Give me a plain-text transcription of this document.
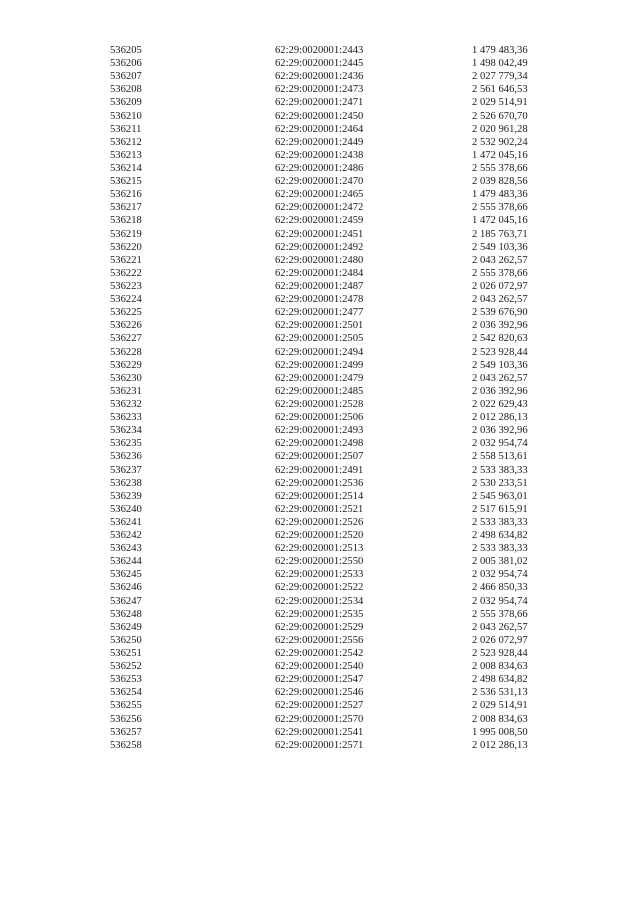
536205	62:29:0020001:2443	1 479 483,36
536206	62:29:0020001:2445	1 498 042,49
536207	62:29:0020001:2436	2 027 779,34
536208	62:29:0020001:2473	2 561 646,53
536209	62:29:0020001:2471	2 029 514,91
536210	62:29:0020001:2450	2 526 670,70
536211	62:29:0020001:2464	2 020 961,28
536212	62:29:0020001:2449	2 532 902,24
536213	62:29:0020001:2438	1 472 045,16
536214	62:29:0020001:2486	2 555 378,66
536215	62:29:0020001:2470	2 039 828,56
536216	62:29:0020001:2465	1 479 483,36
536217	62:29:0020001:2472	2 555 378,66
536218	62:29:0020001:2459	1 472 045,16
536219	62:29:0020001:2451	2 185 763,71
536220	62:29:0020001:2492	2 549 103,36
536221	62:29:0020001:2480	2 043 262,57
536222	62:29:0020001:2484	2 555 378,66
536223	62:29:0020001:2487	2 026 072,97
536224	62:29:0020001:2478	2 043 262,57
536225	62:29:0020001:2477	2 539 676,90
536226	62:29:0020001:2501	2 036 392,96
536227	62:29:0020001:2505	2 542 820,63
536228	62:29:0020001:2494	2 523 928,44
536229	62:29:0020001:2499	2 549 103,36
536230	62:29:0020001:2479	2 043 262,57
536231	62:29:0020001:2485	2 036 392,96
536232	62:29:0020001:2528	2 022 629,43
536233	62:29:0020001:2506	2 012 286,13
536234	62:29:0020001:2493	2 036 392,96
536235	62:29:0020001:2498	2 032 954,74
536236	62:29:0020001:2507	2 558 513,61
536237	62:29:0020001:2491	2 533 383,33
536238	62:29:0020001:2536	2 530 233,51
536239	62:29:0020001:2514	2 545 963,01
536240	62:29:0020001:2521	2 517 615,91
536241	62:29:0020001:2526	2 533 383,33
536242	62:29:0020001:2520	2 498 634,82
536243	62:29:0020001:2513	2 533 383,33
536244	62:29:0020001:2550	2 005 381,02
536245	62:29:0020001:2533	2 032 954,74
536246	62:29:0020001:2522	2 466 850,33
536247	62:29:0020001:2534	2 032 954,74
536248	62:29:0020001:2535	2 555 378,66
536249	62:29:0020001:2529	2 043 262,57
536250	62:29:0020001:2556	2 026 072,97
536251	62:29:0020001:2542	2 523 928,44
536252	62:29:0020001:2540	2 008 834,63
536253	62:29:0020001:2547	2 498 634,82
536254	62:29:0020001:2546	2 536 531,13
536255	62:29:0020001:2527	2 029 514,91
536256	62:29:0020001:2570	2 008 834,63
536257	62:29:0020001:2541	1 995 008,50
536258	62:29:0020001:2571	2 012 286,13
